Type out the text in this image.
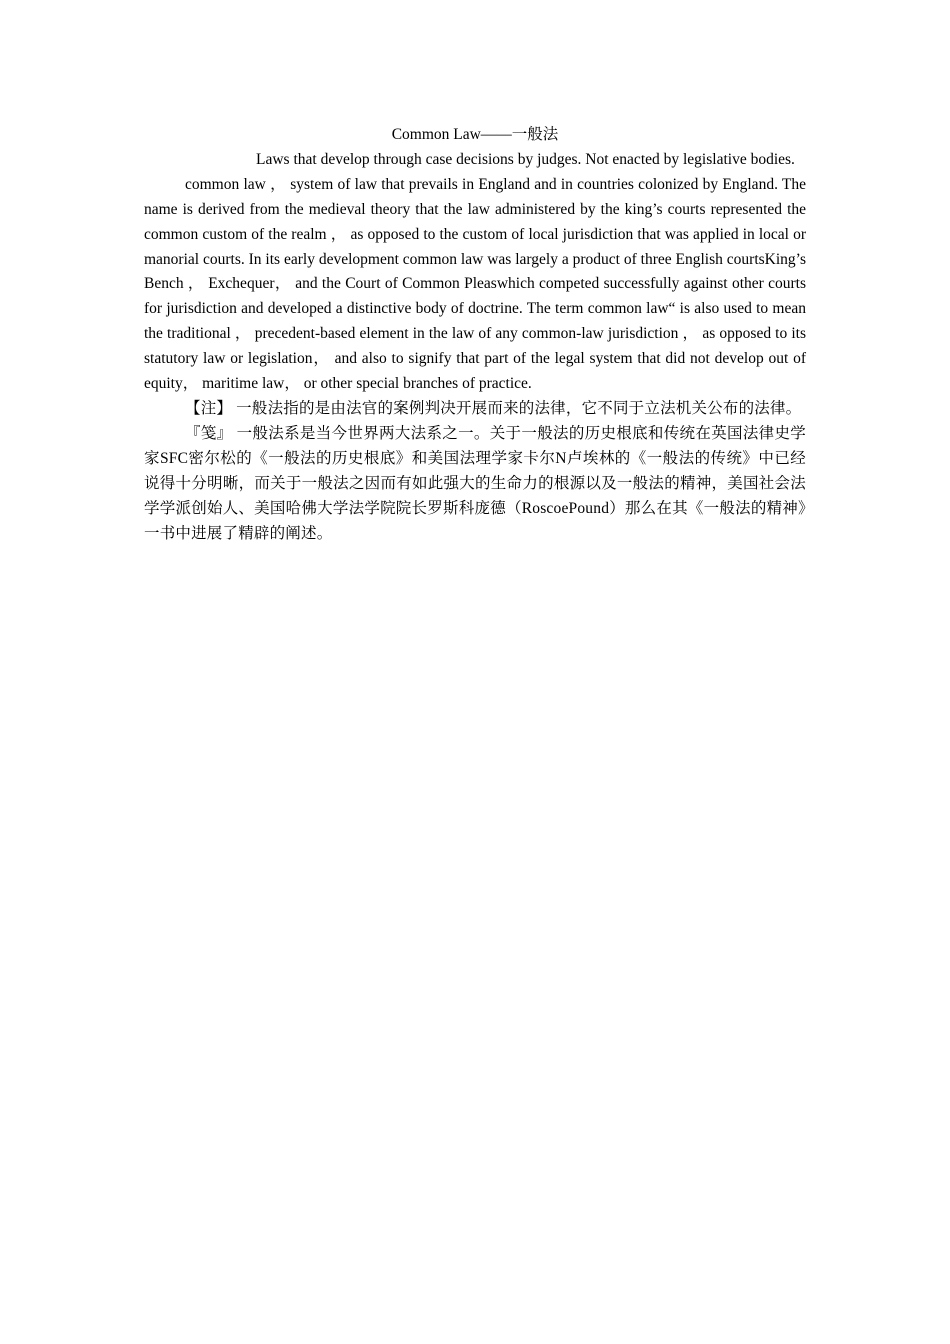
Common Law——一般法

Laws that develop through case decisions by judges. Not enacted by legislative bodies.

common law ， system of law that prevails in England and in countries colonized by England. The name is derived from the medieval theory that the law administered by the king’s courts represented the common custom of the realm ， as opposed to the custom of local jurisdiction that was applied in local or manorial courts. In its early development common law was largely a product of three English courtsKing’s Bench ， Exchequer， and the Court of Common Pleaswhich competed successfully against other courts for jurisdiction and developed a distinctive body of doctrine. The term common law“ is also used to mean the traditional ， precedent-based element in the law of any common-law jurisdiction ， as opposed to its statutory law or legislation， and also to signify that part of the legal system that did not develop out of equity， maritime law， or other special branches of practice.

【注】 一般法指的是由法官的案例判决开展而来的法律，它不同于立法机关公布的法律。

『笺』 一般法系是当今世界两大法系之一。关于一般法的历史根底和传统在英国法律史学家SFC密尔松的《一般法的历史根底》和美国法理学家卡尔N卢埃林的《一般法的传统》中已经说得十分明晰，而关于一般法之因而有如此强大的生命力的根源以及一般法的精神，美国社会法学学派创始人、美国哈佛大学法学院院长罗斯科庞德（RoscoePound）那么在其《一般法的精神》一书中进展了精辟的阐述。
